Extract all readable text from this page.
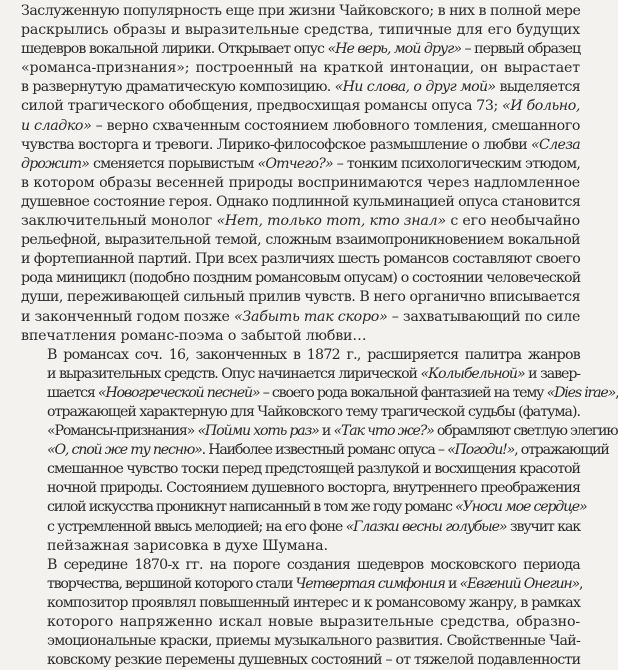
Заслуженную популярность еще при жизни Чайковского; в них в полной мере
раскрылись образы и выразительные средства, типичные для его будущих
шедевров вокальной лирики. Открывает опус «Не верь, мой друг» – первый образец
«романса-признания»; построенный на краткой интонации, он вырастает
в развернутую драматическую композицию. «Ни слова, о друг мой» выделяется
силой трагического обобщения, предвосхищая романсы опуса 73; «И больно,
и сладко» – верно схваченным состоянием любовного томления, смешанного
чувства восторга и тревоги. Лирико-философское размышление о любви «Слеза
дрожит» сменяется порывистым «Отчего?» – тонким психологическим этюдом,
в котором образы весенней природы воспринимаются через надломленное
душевное состояние героя. Однако подлинной кульминацией опуса становится
заключительный монолог «Нет, только тот, кто знал» с его необычайно
рельефной, выразительной темой, сложным взаимопроникновением вокальной
и фортепианной партий. При всех различиях шесть романсов составляют своего
рода миницикл (подобно поздним романсовым опусам) о состоянии человеческой
души, переживающей сильный прилив чувств. В него органично вписывается
и законченный годом позже «Забыть так скоро» – захватывающий по силе
впечатления романс-поэма о забытой любви…
В романсах соч. 16, законченных в 1872 г., расширяется палитра жанров
и выразительных средств. Опус начинается лирической «Колыбельной» и завер-
шается «Новогреческой песней» – своего рода вокальной фантазией на тему «Dies irae»
отражающей характерную для Чайковского тему трагической судьбы (фатума).
«Романсы-признания» «Пойми хоть раз» и «Так что же?» обрамляют светлую элегию
«О, спой же ту песню». Наиболее известный романс опуса – «Погоди!», отражающий
смешанное чувство тоски перед предстоящей разлукой и восхищения красотой
ночной природы. Состоянием душевного восторга, внутреннего преображения
силой искусства проникнут написанный в том же году романс «Уноси мое сердце»
с устремленной ввысь мелодией; на его фоне «Глазки весны голубые» звучит как
пейзажная зарисовка в духе Шумана.
В середине 1870-х гг. на пороге создания шедевров московского периода
творчества, вершиной которого стали Четвертая симфония и «Евгений Онегин»,
композитор проявлял повышенный интерес и к романсовому жанру, в рамках
которого напряженно искал новые выразительные средства, образно-
эмоциональные краски, приемы музыкального развития. Свойственные Чай-
ковскому резкие перемены душевных состояний – от тяжелой подавленности
